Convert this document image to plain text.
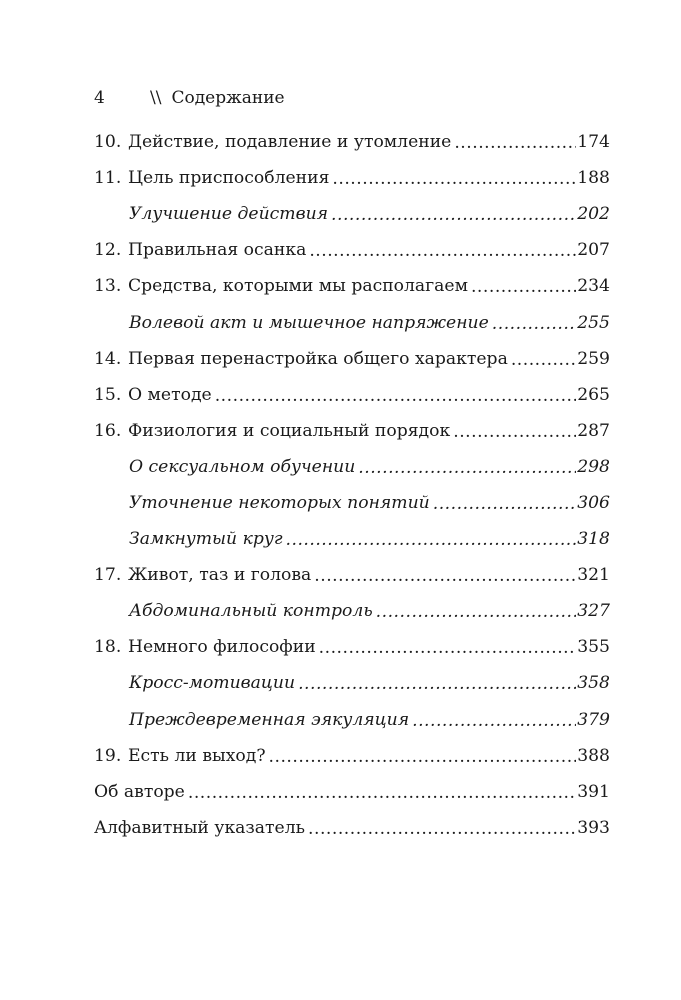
4	\\ Содержание
10. Действие, подавление и утомление .....	174
11. Цель приспособления .....	188
Улучшение действия .....	202
12. Правильная осанка .....	207
13. Средства, которыми мы располагаем .....	234
Волевой акт и мышечное напряжение .....	255
14. Первая перенастройка общего характера .....	259
15. О методе .....	265
16. Физиология и социальный порядок .....	287
О сексуальном обучении .....	298
Уточнение некоторых понятий .....	306
Замкнутый круг .....	318
17. Живот, таз и голова .....	321
Абдоминальный контроль .....	327
18. Немного философии .....	355
Кросс-мотивации .....	358
Преждевременная эякуляция .....	379
19. Есть ли выход? .....	388
Об авторе .....	391
Алфавитный указатель .....	393
